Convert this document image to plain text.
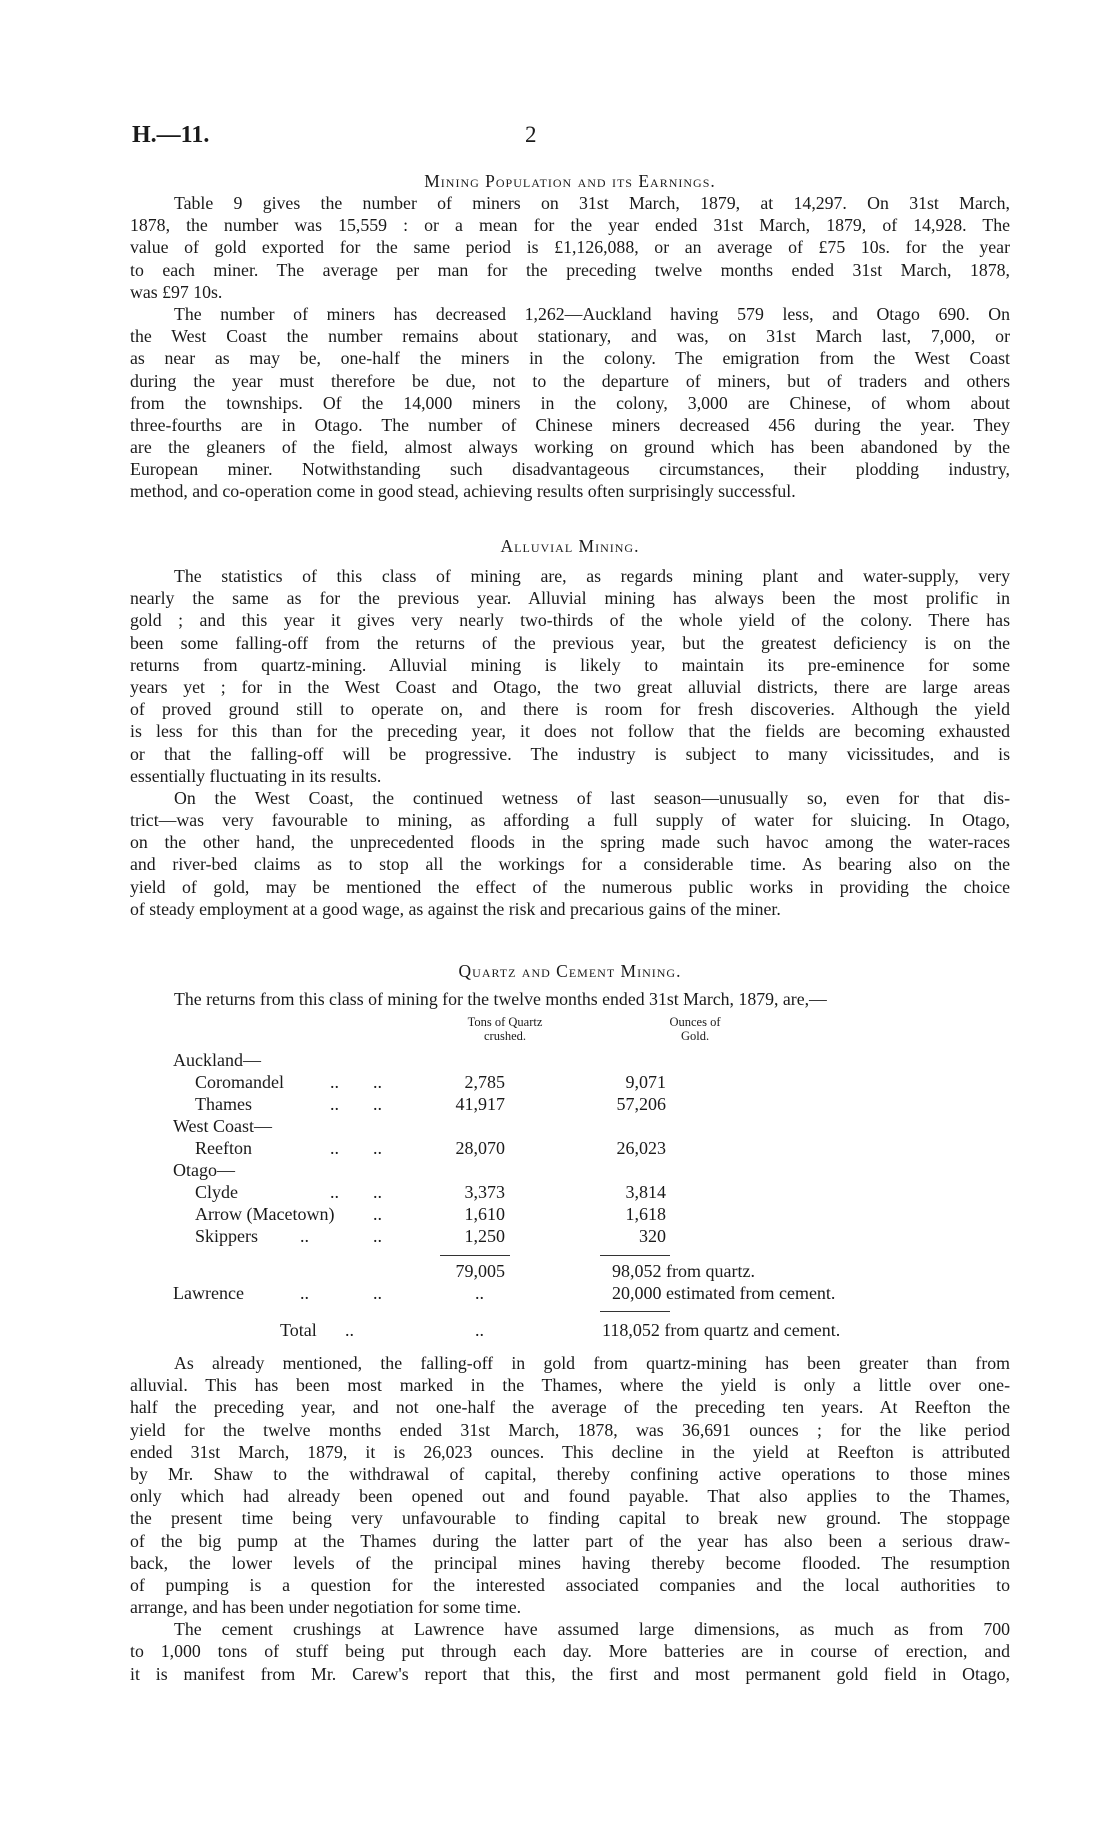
H.—11.	2
Mining Population and its Earnings.
Table 9 gives the number of miners on 31st March, 1879, at 14,297. On 31st March,
1878, the number was 15,559 : or a mean for the year ended 31st March, 1879, of 14,928. The
value of gold exported for the same period is £1,126,088, or an average of £75 10s. for the year
to each miner. The average per man for the preceding twelve months ended 31st March, 1878,
was £97 10s.
The number of miners has decreased 1,262—Auckland having 579 less, and Otago 690. On
the West Coast the number remains about stationary, and was, on 31st March last, 7,000, or
as near as may be, one-half the miners in the colony. The emigration from the West Coast
during the year must therefore be due, not to the departure of miners, but of traders and others
from the townships. Of the 14,000 miners in the colony, 3,000 are Chinese, of whom about
three-fourths are in Otago. The number of Chinese miners decreased 456 during the year. They
are the gleaners of the field, almost always working on ground which has been abandoned by the
European miner. Notwithstanding such disadvantageous circumstances, their plodding industry,
method, and co-operation come in good stead, achieving results often surprisingly successful.
Alluvial Mining.
The statistics of this class of mining are, as regards mining plant and water-supply, very
nearly the same as for the previous year. Alluvial mining has always been the most prolific in
gold ; and this year it gives very nearly two-thirds of the whole yield of the colony. There has
been some falling-off from the returns of the previous year, but the greatest deficiency is on the
returns from quartz-mining. Alluvial mining is likely to maintain its pre-eminence for some
years yet ; for in the West Coast and Otago, the two great alluvial districts, there are large areas
of proved ground still to operate on, and there is room for fresh discoveries. Although the yield
is less for this than for the preceding year, it does not follow that the fields are becoming exhausted
or that the falling-off will be progressive. The industry is subject to many vicissitudes, and is
essentially fluctuating in its results.
On the West Coast, the continued wetness of last season—unusually so, even for that dis-
trict—was very favourable to mining, as affording a full supply of water for sluicing. In Otago,
on the other hand, the unprecedented floods in the spring made such havoc among the water-races
and river-bed claims as to stop all the workings for a considerable time. As bearing also on the
yield of gold, may be mentioned the effect of the numerous public works in providing the choice
of steady employment at a good wage, as against the risk and precarious gains of the miner.
Quartz and Cement Mining.
The returns from this class of mining for the twelve months ended 31st March, 1879, are,—
Tons of Quartz
crushed.
Ounces of
Gold.
Auckland—
Coromandel	.. ..	2,785	9,071
Thames	.. ..	41,917	57,206
West Coast—
Reefton	.. ..	28,070	26,023
Otago—
Clyde	.. ..	3,373	3,814
Arrow (Macetown) ..	1,610	1,618
Skippers ..	..	1,250	320
79,005	98,052 from quartz.
Lawrence	..	..	..	20,000 estimated from cement.
Total ..	..	118,052 from quartz and cement.
As already mentioned, the falling-off in gold from quartz-mining has been greater than from
alluvial. This has been most marked in the Thames, where the yield is only a little over one-
half the preceding year, and not one-half the average of the preceding ten years. At Reefton the
yield for the twelve months ended 31st March, 1878, was 36,691 ounces ; for the like period
ended 31st March, 1879, it is 26,023 ounces. This decline in the yield at Reefton is attributed
by Mr. Shaw to the withdrawal of capital, thereby confining active operations to those mines
only which had already been opened out and found payable. That also applies to the Thames,
the present time being very unfavourable to finding capital to break new ground. The stoppage
of the big pump at the Thames during the latter part of the year has also been a serious draw-
back, the lower levels of the principal mines having thereby become flooded. The resumption
of pumping is a question for the interested associated companies and the local authorities to
arrange, and has been under negotiation for some time.
The cement crushings at Lawrence have assumed large dimensions, as much as from 700
to 1,000 tons of stuff being put through each day. More batteries are in course of erection, and
it is manifest from Mr. Carew's report that this, the first and most permanent gold field in Otago,
